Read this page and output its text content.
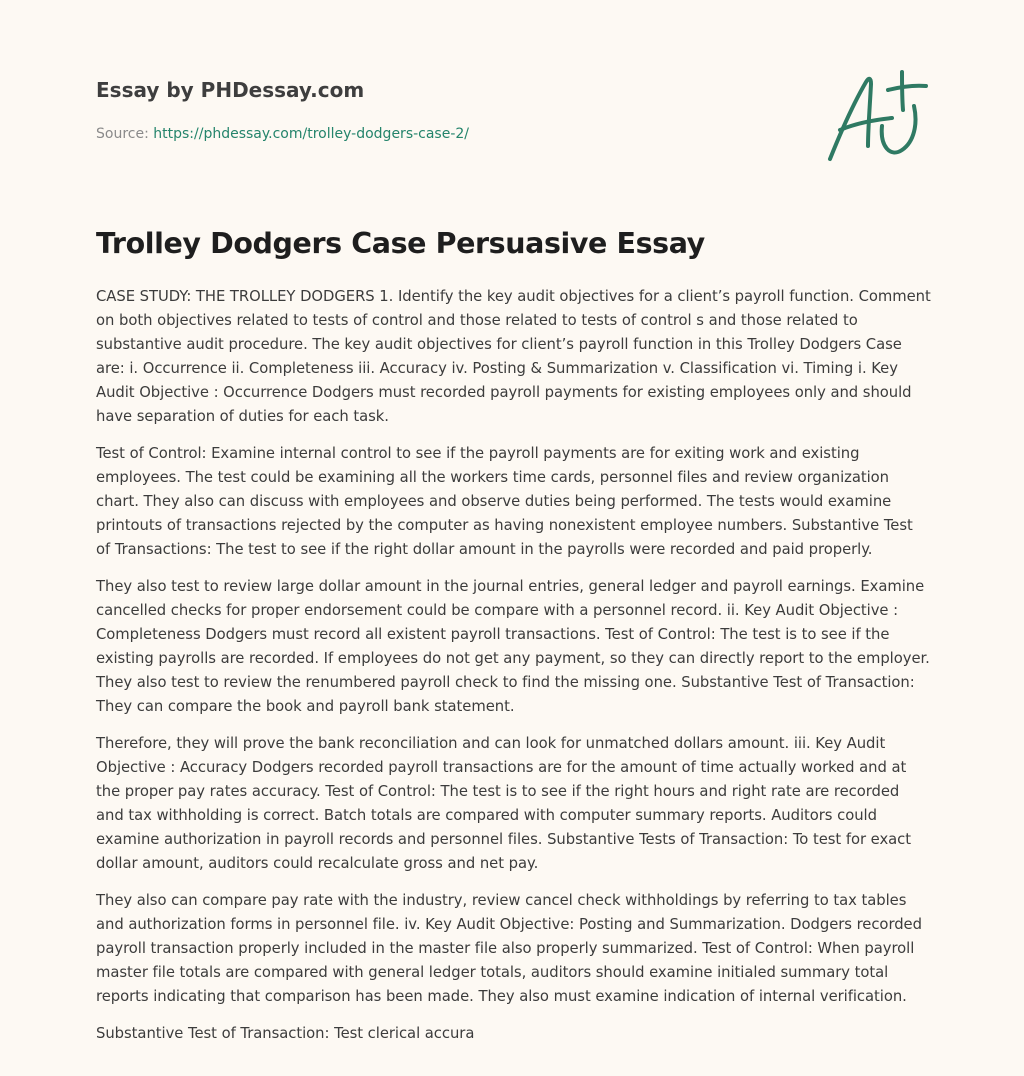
Essay by PHDessay.com
Source: https://phdessay.com/trolley-dodgers-case-2/
Trolley Dodgers Case Persuasive Essay

CASE STUDY: THE TROLLEY DODGERS 1. Identify the key audit objectives for a client’s payroll function. Comment on both objectives related to tests of control and those related to tests of control s and those related to substantive audit procedure. The key audit objectives for client’s payroll function in this Trolley Dodgers Case are: i. Occurrence ii. Completeness iii. Accuracy iv. Posting & Summarization v. Classification vi. Timing i. Key Audit Objective : Occurrence Dodgers must recorded payroll payments for existing employees only and should have separation of duties for each task.

Test of Control: Examine internal control to see if the payroll payments are for exiting work and existing employees. The test could be examining all the workers time cards, personnel files and review organization chart. They also can discuss with employees and observe duties being performed. The tests would examine printouts of transactions rejected by the computer as having nonexistent employee numbers. Substantive Test of Transactions: The test to see if the right dollar amount in the payrolls were recorded and paid properly.

They also test to review large dollar amount in the journal entries, general ledger and payroll earnings. Examine cancelled checks for proper endorsement could be compare with a personnel record. ii. Key Audit Objective : Completeness Dodgers must record all existent payroll transactions. Test of Control: The test is to see if the existing payrolls are recorded. If employees do not get any payment, so they can directly report to the employer. They also test to review the renumbered payroll check to find the missing one. Substantive Test of Transaction: They can compare the book and payroll bank statement.

Therefore, they will prove the bank reconciliation and can look for unmatched dollars amount. iii. Key Audit Objective : Accuracy Dodgers recorded payroll transactions are for the amount of time actually worked and at the proper pay rates accuracy. Test of Control: The test is to see if the right hours and right rate are recorded and tax withholding is correct. Batch totals are compared with computer summary reports. Auditors could examine authorization in payroll records and personnel files. Substantive Tests of Transaction: To test for exact dollar amount, auditors could recalculate gross and net pay.

They also can compare pay rate with the industry, review cancel check withholdings by referring to tax tables and authorization forms in personnel file. iv. Key Audit Objective: Posting and Summarization. Dodgers recorded payroll transaction properly included in the master file also properly summarized. Test of Control: When payroll master file totals are compared with general ledger totals, auditors should examine initialed summary total reports indicating that comparison has been made. They also must examine indication of internal verification.

Substantive Test of Transaction: Test clerical accura
